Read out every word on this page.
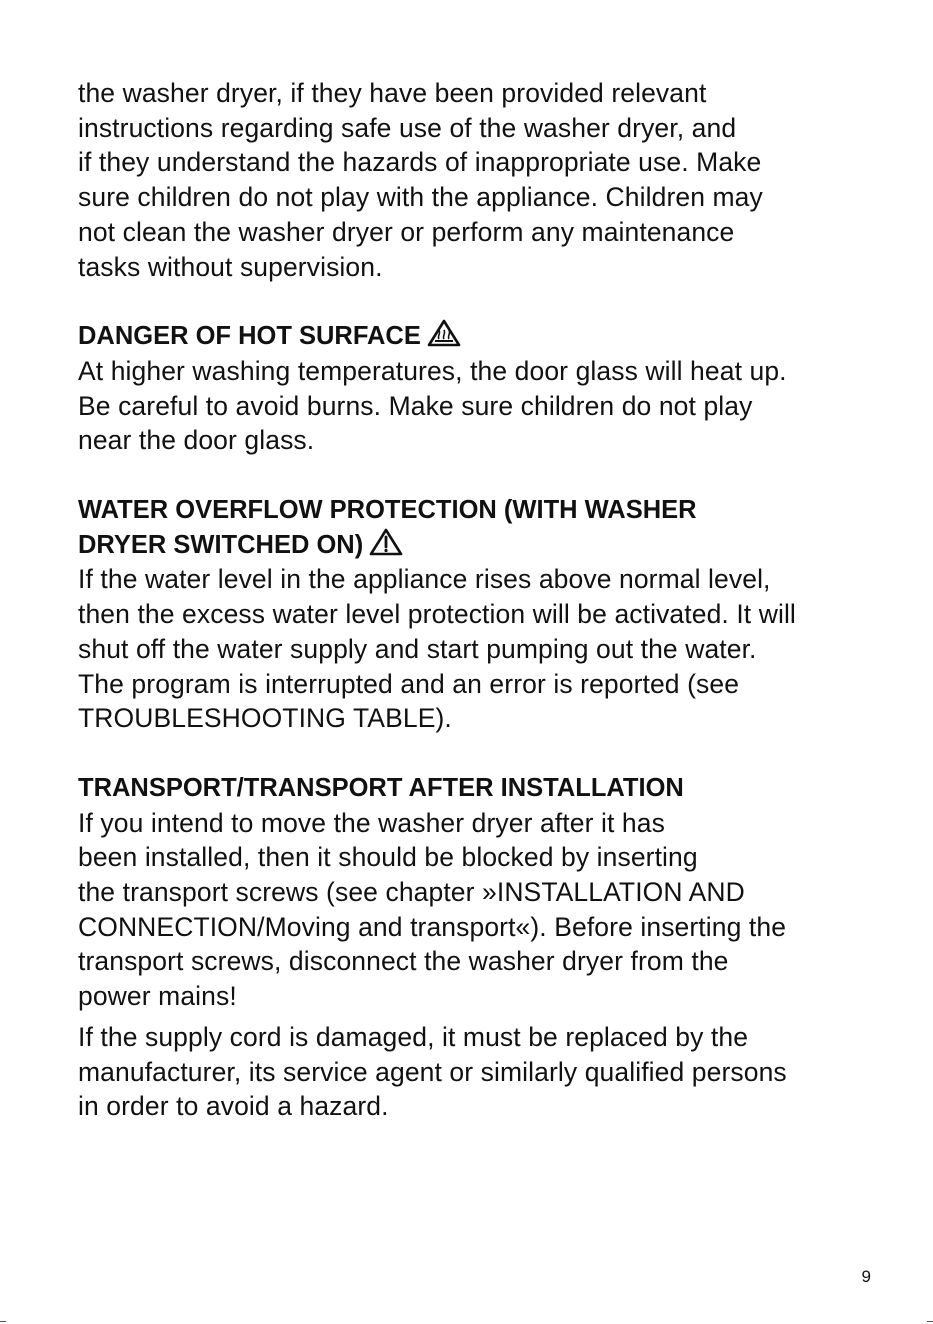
the washer dryer, if they have been provided relevant
instructions regarding safe use of the washer dryer, and
if they understand the hazards of inappropriate use. Make
sure children do not play with the appliance. Children may
not clean the washer dryer or perform any maintenance
tasks without supervision.
DANGER OF HOT SURFACE
At higher washing temperatures, the door glass will heat up.
Be careful to avoid burns. Make sure children do not play
near the door glass.
WATER OVERFLOW PROTECTION (WITH WASHER
DRYER SWITCHED ON)
If the water level in the appliance rises above normal level,
then the excess water level protection will be activated. It will
shut off the water supply and start pumping out the water.
The program is interrupted and an error is reported (see
TROUBLESHOOTING TABLE).
TRANSPORT/TRANSPORT AFTER INSTALLATION
If you intend to move the washer dryer after it has
been installed, then it should be blocked by inserting
the transport screws (see chapter »INSTALLATION AND
CONNECTION/Moving and transport«). Before inserting the
transport screws, disconnect the washer dryer from the
power mains!
If the supply cord is damaged, it must be replaced by the
manufacturer, its service agent or similarly qualified persons
in order to avoid a hazard.
9
